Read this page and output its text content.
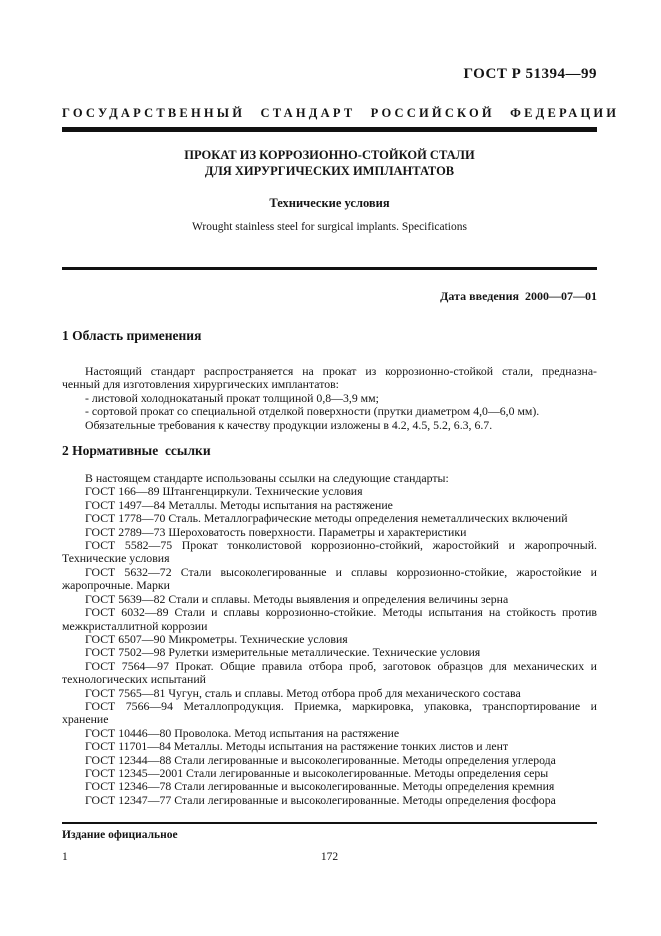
ГОСТ Р 51394—99
ГОСУДАРСТВЕННЫЙ СТАНДАРТ РОССИЙСКОЙ ФЕДЕРАЦИИ
ПРОКАТ ИЗ КОРРОЗИОННО-СТОЙКОЙ СТАЛИ
ДЛЯ ХИРУРГИЧЕСКИХ ИМПЛАНТАТОВ
Технические условия
Wrought stainless steel for surgical implants. Specifications
Дата введения  2000—07—01
1 Область применения
Настоящий стандарт распространяется на прокат из коррозионно-стойкой стали, предназна-
ченный для изготовления хирургических имплантатов:
- листовой холоднокатаный прокат толщиной 0,8—3,9 мм;
- сортовой прокат со специальной отделкой поверхности (прутки диаметром 4,0—6,0 мм).
Обязательные требования к качеству продукции изложены в 4.2, 4.5, 5.2, 6.3, 6.7.
2 Нормативные  ссылки
В настоящем стандарте использованы ссылки на следующие стандарты:
ГОСТ 166—89 Штангенциркули. Технические условия
ГОСТ 1497—84 Металлы. Методы испытания на растяжение
ГОСТ 1778—70 Сталь. Металлографические методы определения неметаллических включений
ГОСТ 2789—73 Шероховатость поверхности. Параметры и характеристики
ГОСТ 5582—75 Прокат тонколистовой коррозионно-стойкий, жаростойкий и жаропрочный.
Технические условия
ГОСТ 5632—72 Стали высоколегированные и сплавы коррозионно-стойкие, жаростойкие и
жаропрочные. Марки
ГОСТ 5639—82 Стали и сплавы. Методы выявления и определения величины зерна
ГОСТ 6032—89 Стали и сплавы коррозионно-стойкие. Методы испытания на стойкость против
межкристаллитной коррозии
ГОСТ 6507—90 Микрометры. Технические условия
ГОСТ 7502—98 Рулетки измерительные металлические. Технические условия
ГОСТ 7564—97 Прокат. Общие правила отбора проб, заготовок образцов для механических и
технологических испытаний
ГОСТ 7565—81 Чугун, сталь и сплавы. Метод отбора проб для механического состава
ГОСТ 7566—94 Металлопродукция. Приемка, маркировка, упаковка, транспортирование и
хранение
ГОСТ 10446—80 Проволока. Метод испытания на растяжение
ГОСТ 11701—84 Металлы. Методы испытания на растяжение тонких листов и лент
ГОСТ 12344—88 Стали легированные и высоколегированные. Методы определения углерода
ГОСТ 12345—2001 Стали легированные и высоколегированные. Методы определения серы
ГОСТ 12346—78 Стали легированные и высоколегированные. Методы определения кремния
ГОСТ 12347—77 Стали легированные и высоколегированные. Методы определения фосфора
Издание официальное
1	172
